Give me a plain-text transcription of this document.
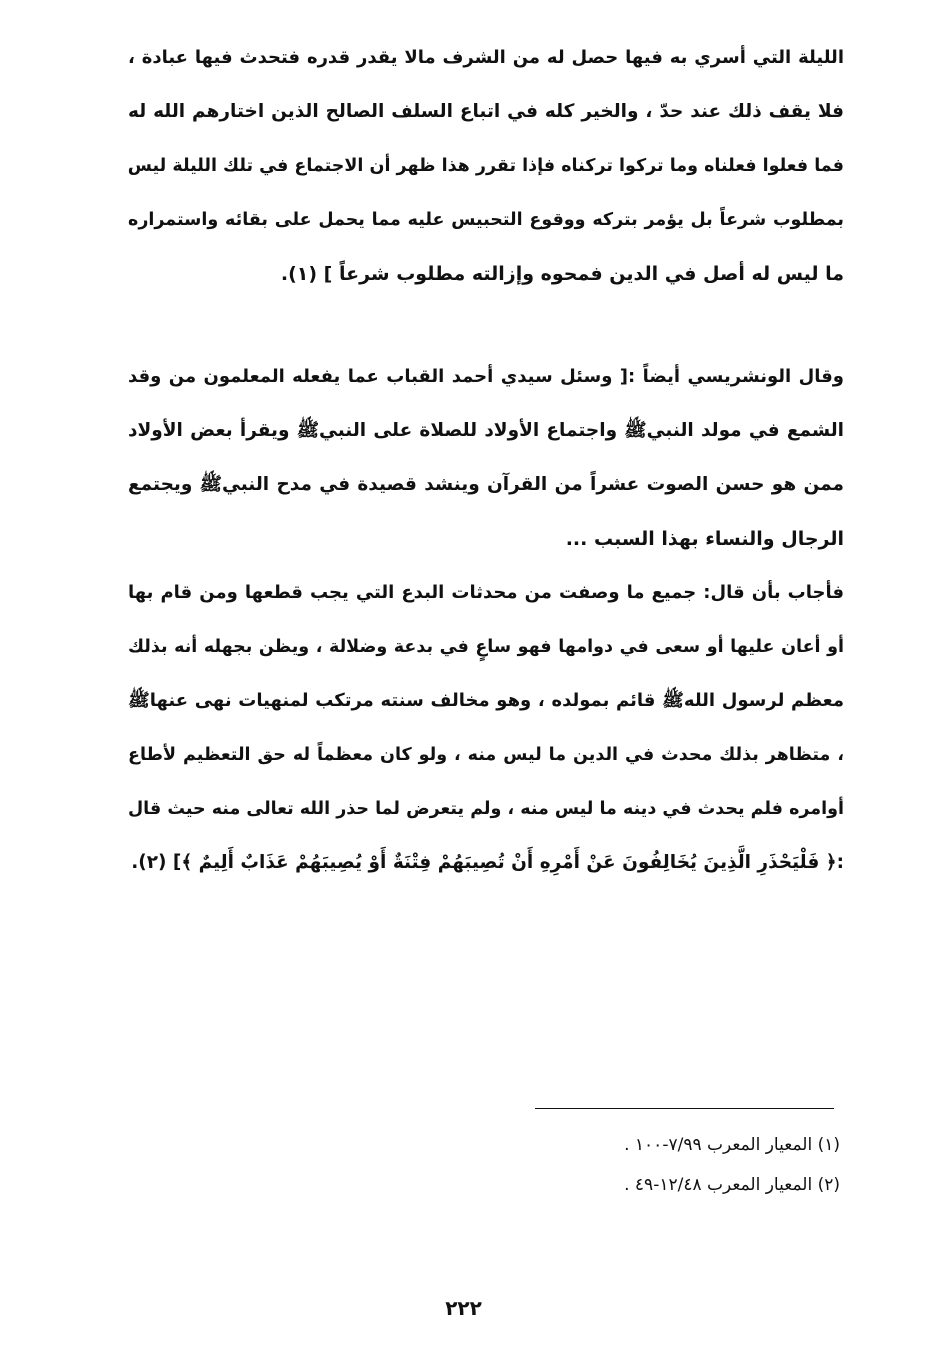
الليلة التي أسري به فيها حصل له من الشرف مالا يقدر قدره فتحدث فيها عبادة ،
فلا يقف ذلك عند حدّ ، والخير كله في اتباع السلف الصالح الذين اختارهم الله له
فما فعلوا فعلناه وما تركوا تركناه فإذا تقرر هذا ظهر أن الاجتماع في تلك الليلة ليس
بمطلوب شرعاً بل يؤمر بتركه ووقوع التحبيس عليه مما يحمل على بقائه واستمراره
ما ليس له أصل في الدين فمحوه وإزالته مطلوب شرعاً ] (١).
وقال الونشريسي أيضاً :[ وسئل سيدي أحمد القباب عما يفعله المعلمون من وقد
الشمع في مولد النبيﷺ واجتماع الأولاد للصلاة على النبيﷺ ويقرأ بعض الأولاد
ممن هو حسن الصوت عشراً من القرآن وينشد قصيدة في مدح النبيﷺ ويجتمع
الرجال والنساء بهذا السبب ...
فأجاب بأن قال: جميع ما وصفت من محدثات البدع التي يجب قطعها ومن قام بها
أو أعان عليها أو سعى في دوامها فهو ساعٍ في بدعة وضلالة ، ويظن بجهله أنه بذلك
معظم لرسول اللهﷺ قائم بمولده ، وهو مخالف سنته مرتكب لمنهيات نهى عنهاﷺ
، متظاهر بذلك محدث في الدين ما ليس منه ، ولو كان معظماً له حق التعظيم لأطاع
أوامره فلم يحدث في دينه ما ليس منه ، ولم يتعرض لما حذر الله تعالى منه حيث قال
:﴿ فَلْيَحْذَرِ الَّذِينَ يُخَالِفُونَ عَنْ أَمْرِهِ أَنْ تُصِيبَهُمْ فِتْنَةٌ أَوْ يُصِيبَهُمْ عَذَابٌ أَلِيمٌ ﴾] (٢).
(١) المعيار المعرب ٧/٩٩-١٠٠ .
(٢) المعيار المعرب ١٢/٤٨-٤٩ .
٢٢٢
